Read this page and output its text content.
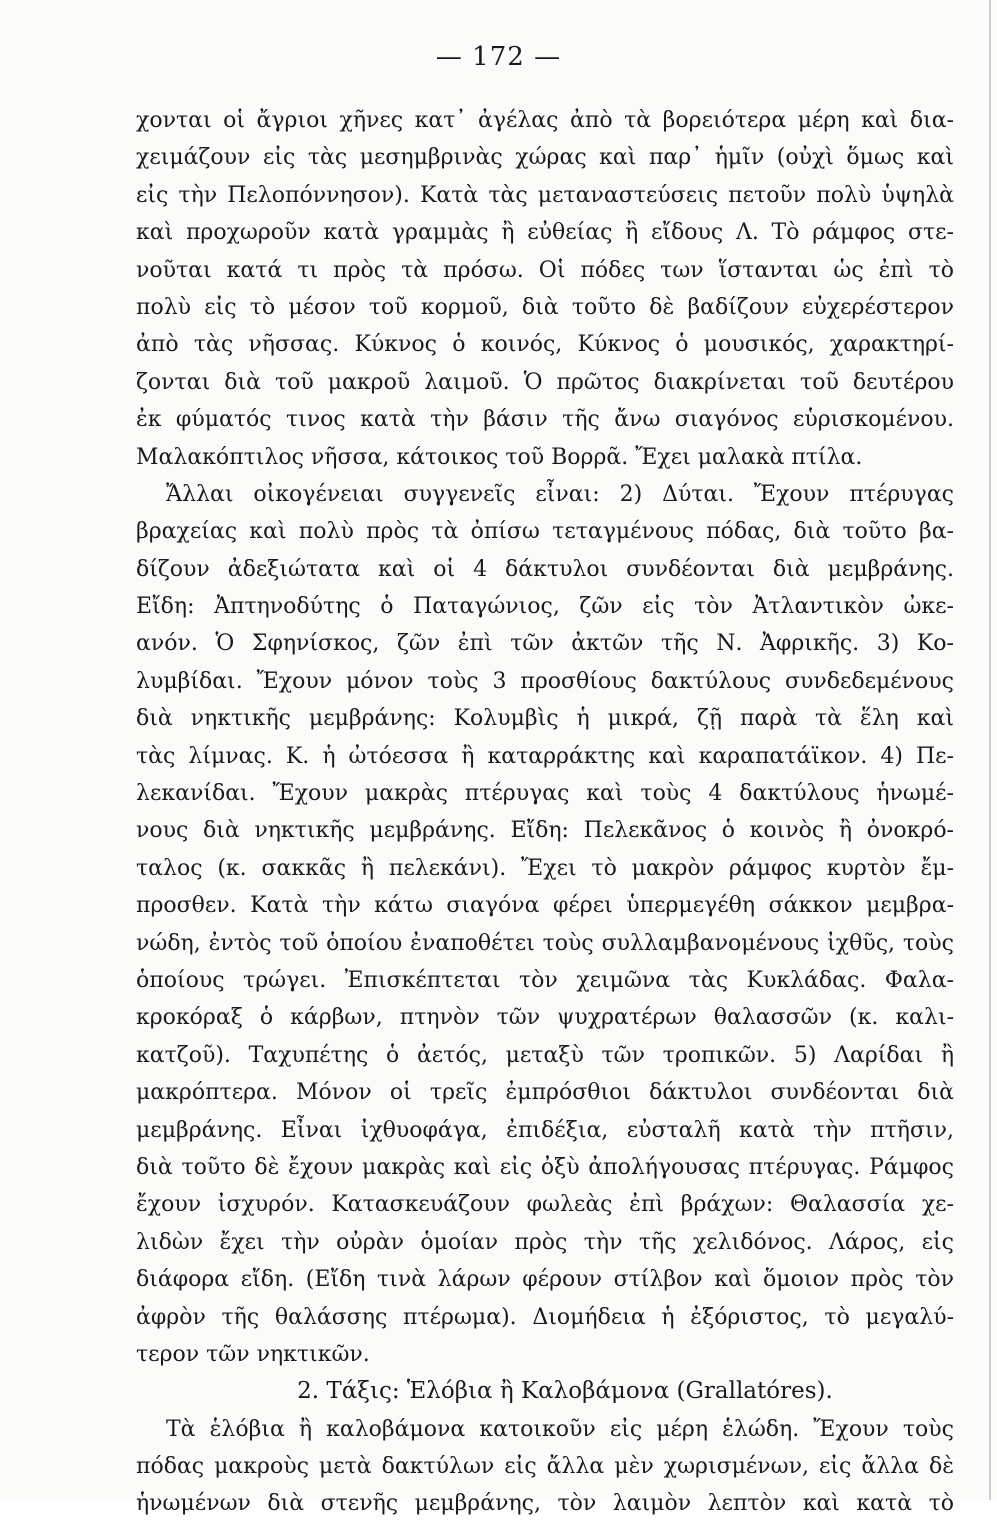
— 172 —
χονται οἱ ἄγριοι χῆνες κατ᾿ ἀγέλας ἀπὸ τὰ βορειότερα μέρη καὶ δια-
χειμάζουν εἰς τὰς μεσημβρινὰς χώρας καὶ παρ᾿ ἡμῖν (οὐχὶ ὅμως καὶ
εἰς τὴν Πελοπόννησον). Κατὰ τὰς μεταναστεύσεις πετοῦν πολὺ ὑψηλὰ
καὶ προχωροῦν κατὰ γραμμὰς ἢ εὐθείας ἢ εἴδους Λ. Τὸ ράμφος στε-
νοῦται κατά τι πρὸς τὰ πρόσω. Οἱ πόδες των ἵστανται ὡς ἐπὶ τὸ
πολὺ εἰς τὸ μέσον τοῦ κορμοῦ, διὰ τοῦτο δὲ βαδίζουν εὐχερέστερον
ἀπὸ τὰς νῆσσας. Κύκνος ὁ κοινός, Κύκνος ὁ μουσικός, χαρακτηρί-
ζονται διὰ τοῦ μακροῦ λαιμοῦ. Ὁ πρῶτος διακρίνεται τοῦ δευτέρου
ἐκ φύματός τινος κατὰ τὴν βάσιν τῆς ἄνω σιαγόνος εὑρισκομένου.
Μαλακόπτιλος νῆσσα, κάτοικος τοῦ Βορρᾶ. Ἔχει μαλακὰ πτίλα.
Ἄλλαι οἰκογένειαι συγγενεῖς εἶναι: 2) Δύται. Ἔχουν πτέρυγας
βραχείας καὶ πολὺ πρὸς τὰ ὀπίσω τεταγμένους πόδας, διὰ τοῦτο βα-
δίζουν ἀδεξιώτατα καὶ οἱ 4 δάκτυλοι συνδέονται διὰ μεμβράνης.
Εἴδη: Ἀπτηνοδύτης ὁ Παταγώνιος, ζῶν εἰς τὸν Ἀτλαντικὸν ὠκε-
ανόν. Ὁ Σφηνίσκος, ζῶν ἐπὶ τῶν ἀκτῶν τῆς Ν. Ἀφρικῆς. 3) Κο-
λυμβίδαι. Ἔχουν μόνον τοὺς 3 προσθίους δακτύλους συνδεδεμένους
διὰ νηκτικῆς μεμβράνης: Κολυμβὶς ἡ μικρά, ζῇ παρὰ τὰ ἕλη καὶ
τὰς λίμνας. Κ. ἡ ὠτόεσσα ἢ καταρράκτης καὶ καραπατάϊκον. 4) Πε-
λεκανίδαι. Ἔχουν μακρὰς πτέρυγας καὶ τοὺς 4 δακτύλους ἡνωμέ-
νους διὰ νηκτικῆς μεμβράνης. Εἴδη: Πελεκᾶνος ὁ κοινὸς ἢ ὀνοκρό-
ταλος (κ. σακκᾶς ἢ πελεκάνι). Ἔχει τὸ μακρὸν ράμφος κυρτὸν ἔμ-
προσθεν. Κατὰ τὴν κάτω σιαγόνα φέρει ὑπερμεγέθη σάκκον μεμβρα-
νώδη, ἐντὸς τοῦ ὁποίου ἐναποθέτει τοὺς συλλαμβανομένους ἰχθῦς, τοὺς
ὁποίους τρώγει. Ἐπισκέπτεται τὸν χειμῶνα τὰς Κυκλάδας. Φαλα-
κροκόραξ ὁ κάρβων, πτηνὸν τῶν ψυχρατέρων θαλασσῶν (κ. καλι-
κατζοῦ). Ταχυπέτης ὁ ἀετός, μεταξὺ τῶν τροπικῶν. 5) Λαρίδαι ἢ
μακρόπτερα. Μόνον οἱ τρεῖς ἐμπρόσθιοι δάκτυλοι συνδέονται διὰ
μεμβράνης. Εἶναι ἰχθυοφάγα, ἐπιδέξια, εὐσταλῆ κατὰ τὴν πτῆσιν,
διὰ τοῦτο δὲ ἔχουν μακρὰς καὶ εἰς ὀξὺ ἀπολήγουσας πτέρυγας. Ράμφος
ἔχουν ἰσχυρόν. Κατασκευάζουν φωλεὰς ἐπὶ βράχων: Θαλασσία χε-
λιδὼν ἔχει τὴν οὐρὰν ὁμοίαν πρὸς τὴν τῆς χελιδόνος. Λάρος, εἰς
διάφορα εἴδη. (Εἴδη τινὰ λάρων φέρουν στίλβον καὶ ὅμοιον πρὸς τὸν
ἀφρὸν τῆς θαλάσσης πτέρωμα). Διομήδεια ἡ ἐξόριστος, τὸ μεγαλύ-
τερον τῶν νηκτικῶν.
2. Τάξις: Ἑλόβια ἢ Καλοβάμονα (Grallatóres).
Τὰ ἑλόβια ἢ καλοβάμονα κατοικοῦν εἰς μέρη ἑλώδη. Ἔχουν τοὺς
πόδας μακροὺς μετὰ δακτύλων εἰς ἄλλα μὲν χωρισμένων, εἰς ἄλλα δὲ
ἡνωμένων διὰ στενῆς μεμβράνης, τὸν λαιμὸν λεπτὸν καὶ κατὰ τὸ
